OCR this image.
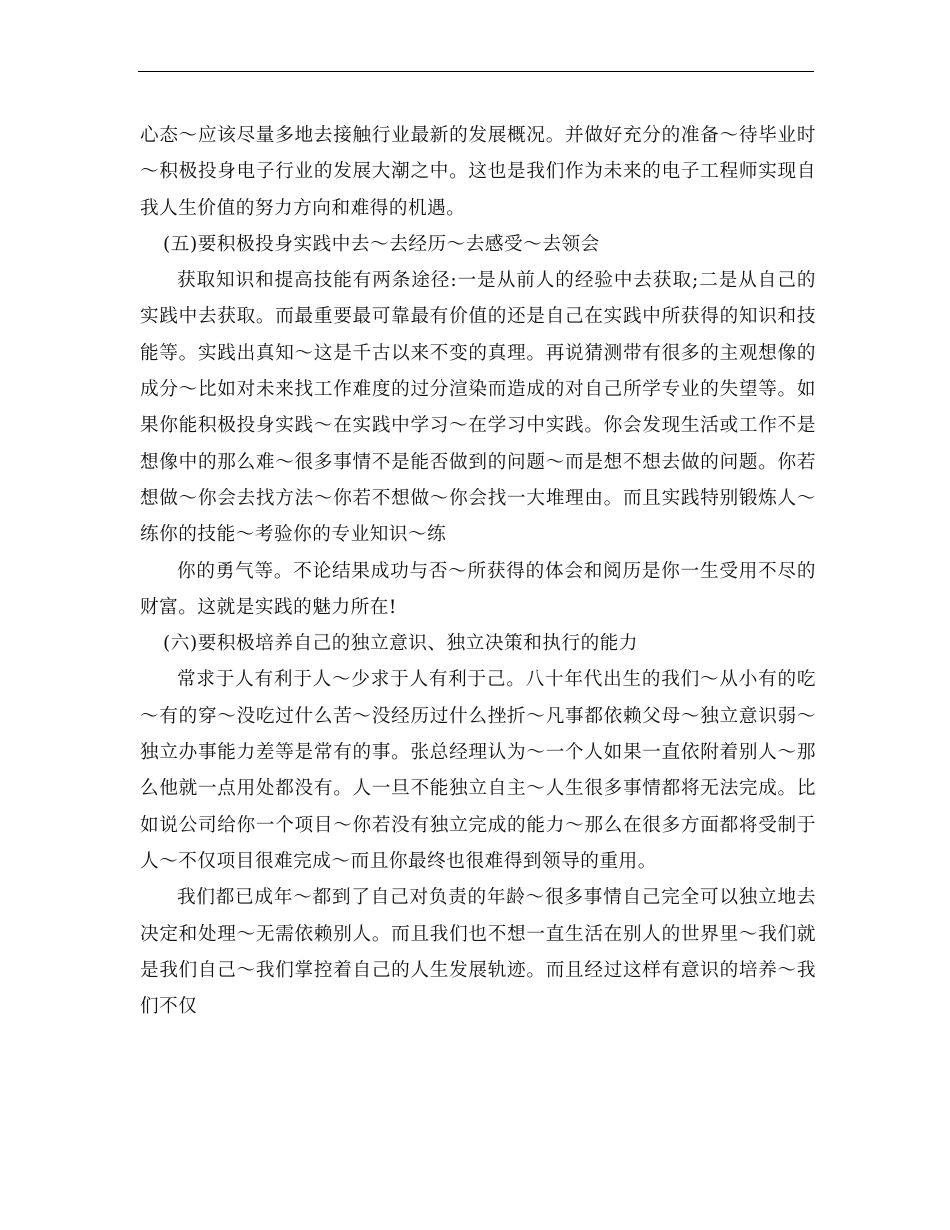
心态～应该尽量多地去接触行业最新的发展概况。并做好充分的准备～待毕业时～积极投身电子行业的发展大潮之中。这也是我们作为未来的电子工程师实现自我人生价值的努力方向和难得的机遇。

(五)要积极投身实践中去～去经历～去感受～去领会

获取知识和提高技能有两条途径:一是从前人的经验中去获取;二是从自己的实践中去获取。而最重要最可靠最有价值的还是自己在实践中所获得的知识和技能等。实践出真知～这是千古以来不变的真理。再说猜测带有很多的主观想像的成分～比如对未来找工作难度的过分渲染而造成的对自己所学专业的失望等。如果你能积极投身实践～在实践中学习～在学习中实践。你会发现生活或工作不是想像中的那么难～很多事情不是能否做到的问题～而是想不想去做的问题。你若想做～你会去找方法～你若不想做～你会找一大堆理由。而且实践特别锻炼人～练你的技能～考验你的专业知识～练

你的勇气等。不论结果成功与否～所获得的体会和阅历是你一生受用不尽的财富。这就是实践的魅力所在!

(六)要积极培养自己的独立意识、独立决策和执行的能力

常求于人有利于人～少求于人有利于己。八十年代出生的我们～从小有的吃～有的穿～没吃过什么苦～没经历过什么挫折～凡事都依赖父母～独立意识弱～独立办事能力差等是常有的事。张总经理认为～一个人如果一直依附着别人～那么他就一点用处都没有。人一旦不能独立自主～人生很多事情都将无法完成。比如说公司给你一个项目～你若没有独立完成的能力～那么在很多方面都将受制于人～不仅项目很难完成～而且你最终也很难得到领导的重用。

我们都已成年～都到了自己对负责的年龄～很多事情自己完全可以独立地去决定和处理～无需依赖别人。而且我们也不想一直生活在别人的世界里～我们就是我们自己～我们掌控着自己的人生发展轨迹。而且经过这样有意识的培养～我们不仅
